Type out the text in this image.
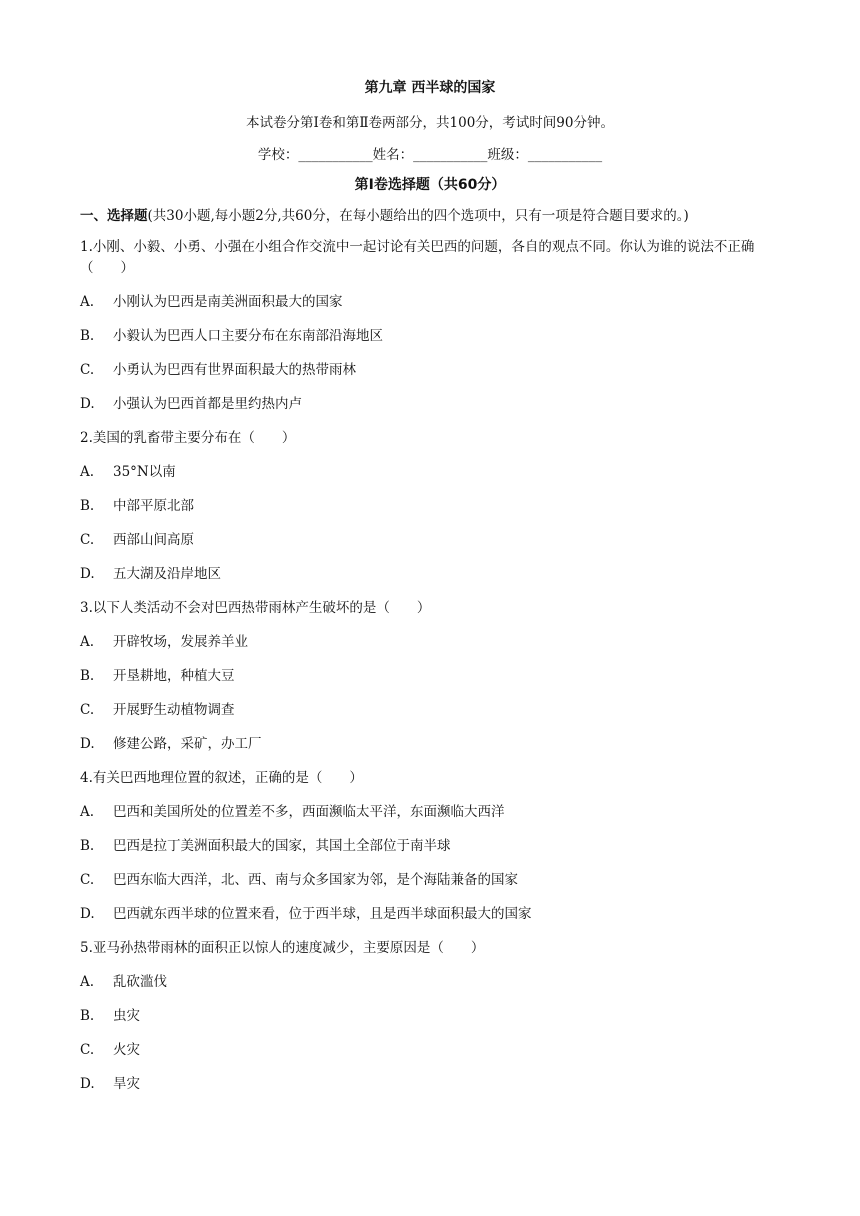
第九章 西半球的国家
本试卷分第Ⅰ卷和第Ⅱ卷两部分，共100分，考试时间90分钟。
学校：___________姓名：___________班级：___________
第Ⅰ卷选择题（共60分）
一、选择题(共30小题,每小题2分,共60分，在每小题给出的四个选项中，只有一项是符合题目要求的。)
1.小刚、小毅、小勇、小强在小组合作交流中一起讨论有关巴西的问题，各自的观点不同。你认为谁的说法不正确（　　）
A.	小刚认为巴西是南美洲面积最大的国家
B.	小毅认为巴西人口主要分布在东南部沿海地区
C.	小勇认为巴西有世界面积最大的热带雨林
D.	小强认为巴西首都是里约热内卢
2.美国的乳畜带主要分布在（　　）
A.	35°N以南
B.	中部平原北部
C.	西部山间高原
D.	五大湖及沿岸地区
3.以下人类活动不会对巴西热带雨林产生破坏的是（　　）
A.	开辟牧场，发展养羊业
B.	开垦耕地，种植大豆
C.	开展野生动植物调查
D.	修建公路，采矿，办工厂
4.有关巴西地理位置的叙述，正确的是（　　）
A.	巴西和美国所处的位置差不多，西面濒临太平洋，东面濒临大西洋
B.	巴西是拉丁美洲面积最大的国家，其国土全部位于南半球
C.	巴西东临大西洋，北、西、南与众多国家为邻，是个海陆兼备的国家
D.	巴西就东西半球的位置来看，位于西半球，且是西半球面积最大的国家
5.亚马孙热带雨林的面积正以惊人的速度减少，主要原因是（　　）
A.	乱砍滥伐
B.	虫灾
C.	火灾
D.	旱灾
